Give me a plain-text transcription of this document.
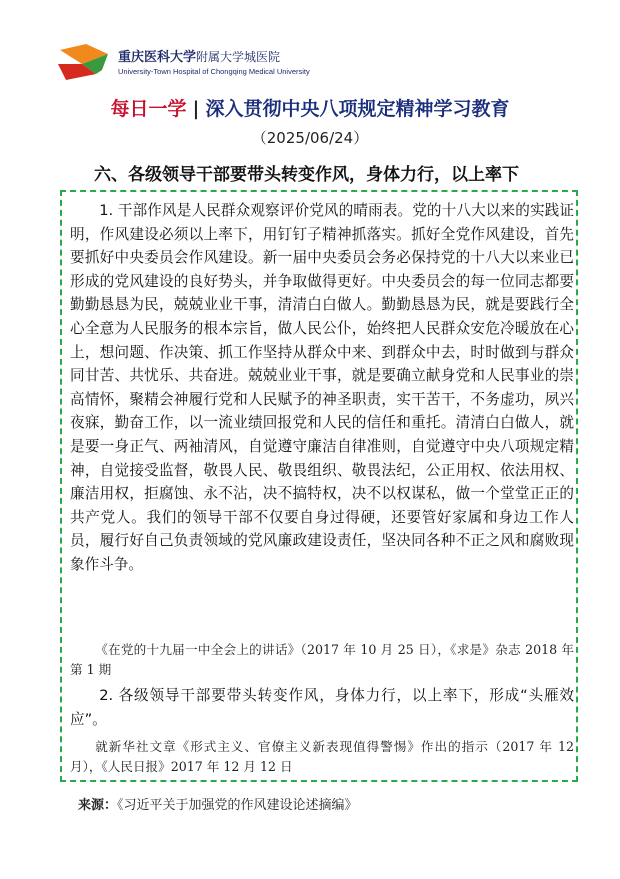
重庆医科大学附属大学城医院
University-Town Hospital of Chongqing Medical University
每日一学 | 深入贯彻中央八项规定精神学习教育
（2025/06/24）
六、各级领导干部要带头转变作风，身体力行，以上率下

1. 干部作风是人民群众观察评价党风的晴雨表。党的十八大以来的实践证明，作风建设必须以上率下，用钉钉子精神抓落实。抓好全党作风建设，首先要抓好中央委员会作风建设。新一届中央委员会务必保持党的十八大以来业已形成的党风建设的良好势头，并争取做得更好。中央委员会的每一位同志都要勤勤恳恳为民，兢兢业业干事，清清白白做人。勤勤恳恳为民，就是要践行全心全意为人民服务的根本宗旨，做人民公仆，始终把人民群众安危冷暖放在心上，想问题、作决策、抓工作坚持从群众中来、到群众中去，时时做到与群众同甘苦、共忧乐、共奋进。兢兢业业干事，就是要确立献身党和人民事业的崇高情怀，聚精会神履行党和人民赋予的神圣职责，实干苦干，不务虚功，夙兴夜寐，勤奋工作，以一流业绩回报党和人民的信任和重托。清清白白做人，就是要一身正气、两袖清风，自觉遵守廉洁自律准则，自觉遵守中央八项规定精神，自觉接受监督，敬畏人民、敬畏组织、敬畏法纪，公正用权、依法用权、廉洁用权，拒腐蚀、永不沾，决不搞特权，决不以权谋私，做一个堂堂正正的共产党人。我们的领导干部不仅要自身过得硬，还要管好家属和身边工作人员，履行好自己负责领域的党风廉政建设责任，坚决同各种不正之风和腐败现象作斗争。

《在党的十九届一中全会上的讲话》（2017 年 10 月 25 日），《求是》杂志 2018 年第 1 期

2. 各级领导干部要带头转变作风，身体力行，以上率下，形成“头雁效应”。

就新华社文章《形式主义、官僚主义新表现值得警惕》作出的指示（2017 年 12 月），《人民日报》2017 年 12 月 12 日

来源：《习近平关于加强党的作风建设论述摘编》
